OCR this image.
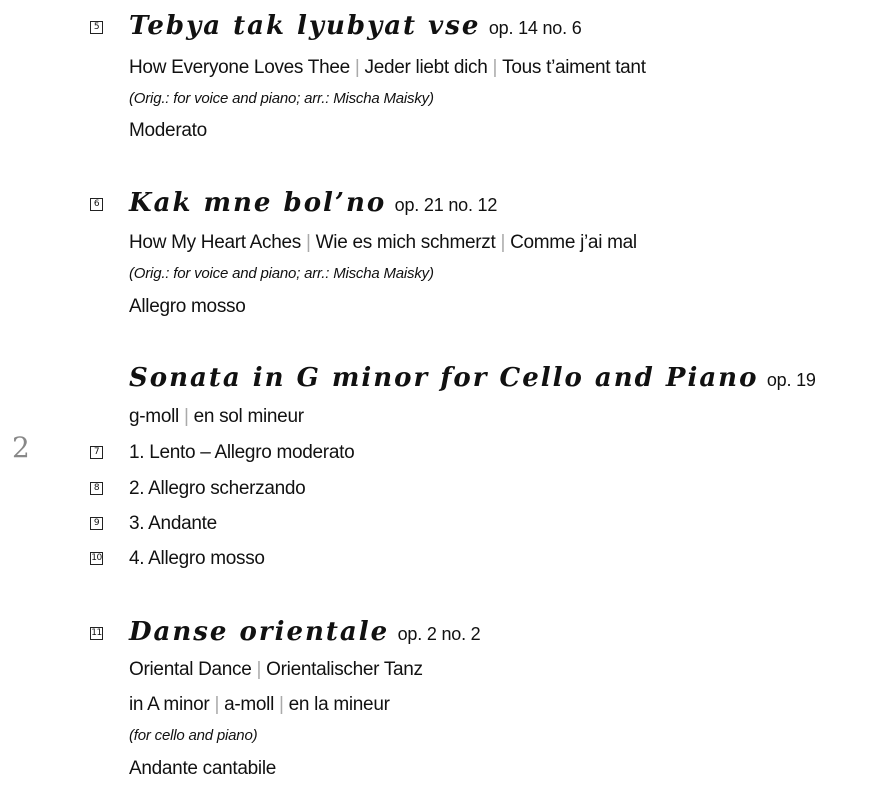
2
5 Tebya tak lyubyat vse op. 14 no. 6
How Everyone Loves Thee | Jeder liebt dich | Tous t’aiment tant
(Orig.: for voice and piano; arr.: Mischa Maisky)
Moderato
6 Kak mne bol’no op. 21 no. 12
How My Heart Aches | Wie es mich schmerzt | Comme j’ai mal
(Orig.: for voice and piano; arr.: Mischa Maisky)
Allegro mosso
Sonata in G minor for Cello and Piano op. 19
g-moll | en sol mineur
7 1. Lento – Allegro moderato
8 2. Allegro scherzando
9 3. Andante
10 4. Allegro mosso
11 Danse orientale op. 2 no. 2
Oriental Dance | Orientalischer Tanz
in A minor | a-moll | en la mineur
(for cello and piano)
Andante cantabile
